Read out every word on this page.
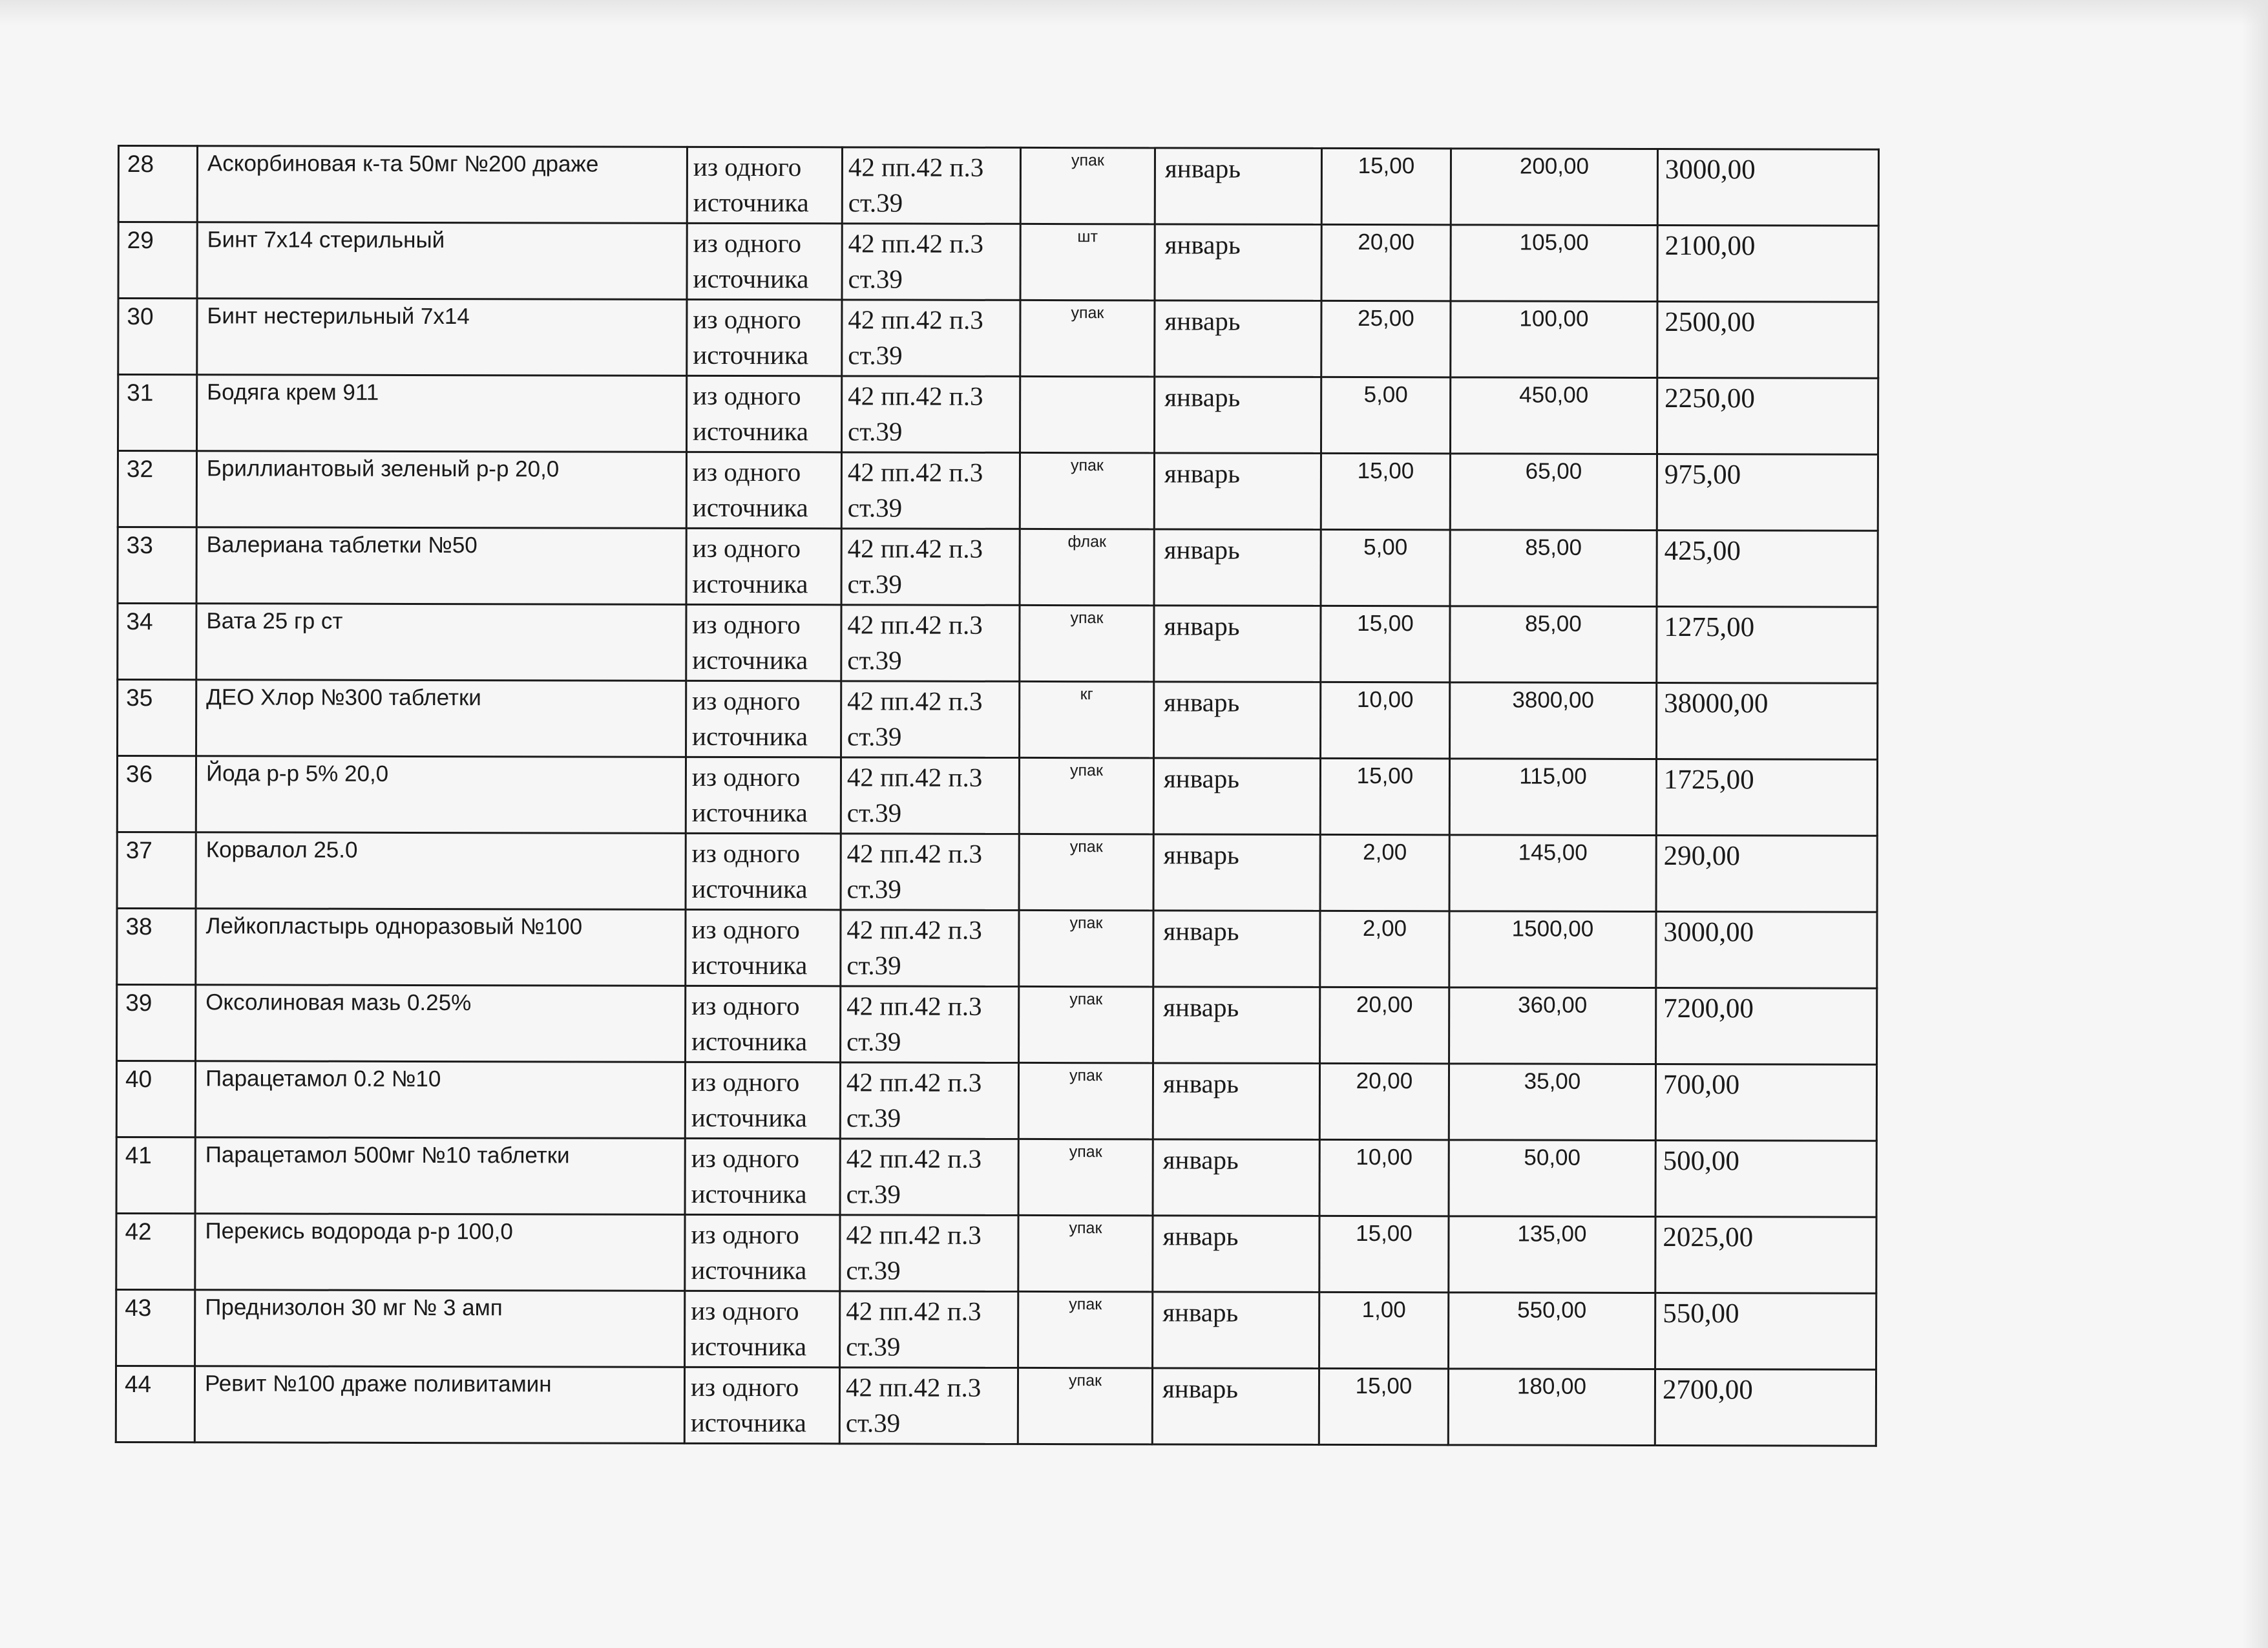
28	Аскорбиновая к-та 50мг №200 драже	из одного
источника	42 пп.42 п.3
ст.39	упак	январь	15,00	200,00	3000,00
29	Бинт 7х14 стерильный	из одного
источника	42 пп.42 п.3
ст.39	шт	январь	20,00	105,00	2100,00
30	Бинт нестерильный 7х14	из одного
источника	42 пп.42 п.3
ст.39	упак	январь	25,00	100,00	2500,00
31	Бодяга крем 911	из одного
источника	42 пп.42 п.3
ст.39		январь	5,00	450,00	2250,00
32	Бриллиантовый зеленый р-р 20,0	из одного
источника	42 пп.42 п.3
ст.39	упак	январь	15,00	65,00	975,00
33	Валериана таблетки №50	из одного
источника	42 пп.42 п.3
ст.39	флак	январь	5,00	85,00	425,00
34	Вата 25 гр ст	из одного
источника	42 пп.42 п.3
ст.39	упак	январь	15,00	85,00	1275,00
35	ДЕО Хлор №300 таблетки	из одного
источника	42 пп.42 п.3
ст.39	кг	январь	10,00	3800,00	38000,00
36	Йода р-р 5% 20,0	из одного
источника	42 пп.42 п.3
ст.39	упак	январь	15,00	115,00	1725,00
37	Корвалол 25.0	из одного
источника	42 пп.42 п.3
ст.39	упак	январь	2,00	145,00	290,00
38	Лейкопластырь одноразовый №100	из одного
источника	42 пп.42 п.3
ст.39	упак	январь	2,00	1500,00	3000,00
39	Оксолиновая мазь 0.25%	из одного
источника	42 пп.42 п.3
ст.39	упак	январь	20,00	360,00	7200,00
40	Парацетамол 0.2 №10	из одного
источника	42 пп.42 п.3
ст.39	упак	январь	20,00	35,00	700,00
41	Парацетамол 500мг №10 таблетки	из одного
источника	42 пп.42 п.3
ст.39	упак	январь	10,00	50,00	500,00
42	Перекись водорода р-р 100,0	из одного
источника	42 пп.42 п.3
ст.39	упак	январь	15,00	135,00	2025,00
43	Преднизолон 30 мг № 3 амп	из одного
источника	42 пп.42 п.3
ст.39	упак	январь	1,00	550,00	550,00
44	Ревит №100 драже поливитамин	из одного
источника	42 пп.42 п.3
ст.39	упак	январь	15,00	180,00	2700,00
